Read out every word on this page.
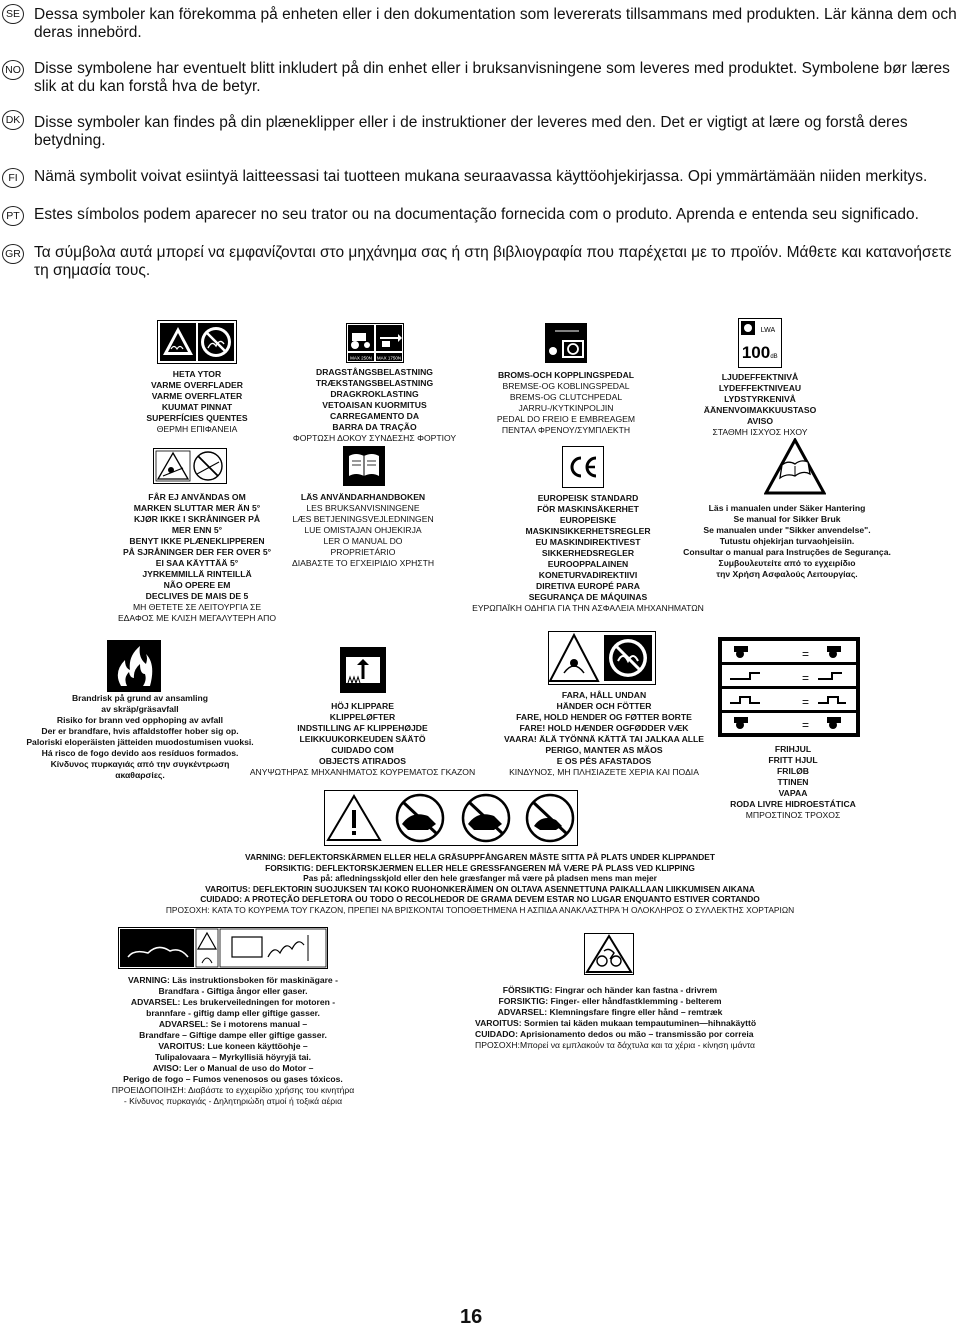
SE Dessa symboler kan förekomma på enheten eller i den dokumentation som levererats tillsammans med produkten. Lär känna dem och deras innebörd.
NO Disse symbolene har eventuelt blitt inkludert på din enhet eller i bruksanvisningene som leveres med produktet. Symbolene bør læres slik at du kan forstå hva de betyr.
DK Disse symboler kan findes på din plæneklipper eller i de instruktioner der leveres med den. Det er vigtigt at lære og forstå deres betydning.
FI	Nämä symbolit voivat esiintyä laitteessasi tai tuotteen mukana seuraavassa käyttöohjekirjassa. Opi ymmärtämään niiden merkitys.
PT Estes símbolos podem aparecer no seu trator ou na documentação fornecida com o produto. Aprenda e entenda seu significado.
GR Τα σύμβολα αυτά μπορεί να εμφανίζονται στο μηχάνημα σας ή στη βιβλιογραφία που παρέχεται με το προϊόν. Μάθετε και κατανοήσετε τη σημασία τους.
HETA YTOR
VARME OVERFLADER
VARME OVERFLATER
KUUMAT PINNAT
SUPERFÍCIES QUENTES
ΘΕΡΜΗ ΕΠΙΦΑΝΕΙΑ
MAX 250N MAX 1750N
DRAGSTÅNGSBELASTNING
TRÆKSTANGSBELASTNING
DRAGKROKLASTING
VETOAISAN KUORMITUS
CARREGAMENTO DA
BARRA DA TRAÇÃO
ΦΟΡΤΩΣΗ ΔΟΚΟΥ ΣΥΝΔΕΣΗΣ ΦΟΡΤΙΟΥ
BROMS-OCH KOPPLINGSPEDAL
BREMSE-OG KOBLINGSPEDAL
BREMS-OG CLUTCHPEDAL
JARRU-/KYTKINPOLJIN
PEDAL DO FREIO E EMBREAGEM
ΠΕΝΤΑΛ ΦΡΕΝΟΥ/ΣΥΜΠΛΕΚΤΗ
LWA
100 dB
LJUDEFFEKTNIVÅ
LYDEFFEKTNIVEAU
LYDSTYRKENIVÅ
ÄÄNENVOIMAKKUUSTASO
AVISO
ΣΤΑΘΜΗ ΙΣΧΥΟΣ ΗΧΟΥ
FÅR EJ ANVÄNDAS OM
MARKEN SLUTTAR MER ÄN 5°
KJØR IKKE I SKRÅNINGER PÅ
MER ENN 5°
BENYT IKKE PLÆNEKLIPPEREN
PÅ SJRÅNINGER DER FER OVER 5°
EI SAA KÄYTTÄÄ 5°
JYRKEMMILLÄ RINTEILLÄ
NÃO OPERE EM
DECLIVES DE MAIS DE 5
ΜΗ ΘΕΤΕΤΕ ΣΕ ΛΕΙΤΟΥΡΓΙΑ ΣΕ
ΕΔΑΦΟΣ ΜΕ ΚΛΙΣΗ ΜΕΓΑΛΥΤΕΡΗ ΑΠΟ
LÄS ANVÄNDARHANDBOKEN
LES BRUKSANVISNINGENE
LÆS BETJENINGSVEJLEDNINGEN
LUE OMISTAJAN OHJEKIRJA
LER O MANUAL DO
PROPRIETÁRIO
ΔΙΑΒΑΣΤΕ ΤΟ ΕΓΧΕΙΡΙΔΙΟ ΧΡΗΣΤΗ
EUROPEISK STANDARD
FÖR MASKINSÄKERHET
EUROPEISKE
MASKINSIKKERHETSREGLER
EU MASKINDIREKTIVEST
SIKKERHEDSREGLER
EUROOPPALAINEN
KONETURVADIREKTIIVI
DIRETIVA EUROPÉ PARA
SEGURANÇA DE MÁQUINAS
ΕΥΡΩΠΑΪΚΗ ΟΔΗΓΙΑ ΓΙΑ ΤΗΝ ΑΣΦΑΛΕΙΑ ΜΗΧΑΝΗΜΑΤΩΝ
Läs i manualen under Säker Hantering
Se manual for Sikker Bruk
Se manualen under "Sikker anvendelse".
Tutustu ohjekirjan turvaohjeisiin.
Consultar o manual para Instruções de Segurança.
Συμβουλευτείτε από το εγχειρίδιο
την Χρήση Ασφαλούς Λειτουργίας.
Brandrisk på grund av ansamling
av skräp/gräsavfall
Risiko for brann ved opphoping av avfall
Der er brandfare, hvis affaldstoffer hober sig op.
Paloriski eloperäisten jätteiden muodostumisen vuoksi.
Há risco de fogo devido aos resíduos formados.
Κίνδυνος πυρκαγιάς από την συγκέντρωση
ακαθαρσίες.
HÖJ KLIPPARE
KLIPPELØFTER
INDSTILLING AF KLIPPEHØJDE
LEIKKUUKORKEUDEN SÄÄTÖ
CUIDADO COM
OBJECTS ATIRADOS
ΑΝΥΨΩΤΗΡΑΣ ΜΗΧΑΝΗΜΑΤΟΣ ΚΟΥΡΕΜΑΤΟΣ ΓΚΑΖΟΝ
FARA, HÅLL UNDAN
HÄNDER OCH FÖTTER
FARE, HOLD HENDER OG FØTTER BORTE
FARE! HOLD HÆNDER OGFØDDER VÆK
VAARA! ÄLÄ TYÖNNÄ KÄTTÄ TAI JALKAA ALLE
PERIGO, MANTER AS MÃOS
E OS PÉS AFASTADOS
ΚΙΝΔΥΝΟΣ, ΜΗ ΠΛΗΣΙΑΖΕΤΕ ΧΕΡΙΑ ΚΑΙ ΠΟΔΙΑ
=
=
=
=
FRIHJUL
FRITT HJUL
FRILØB
TTINEN
VAPAA
RODA LIVRE HIDROESTÁTICA
ΜΠΡΟΣΤΙΝΟΣ ΤΡΟΧΟΣ
VARNING: DEFLEKTORSKÄRMEN ELLER HELA GRÄSUPPFÅNGAREN MÅSTE SITTA PÅ PLATS UNDER KLIPPANDET
FORSIKTIG: DEFLEKTORSKJERMEN ELLER HELE GRESSFANGEREN MÅ VÆRE PÅ PLASS VED KLIPPING
Pas på: afledningsskjold eller den hele græsfanger må være på pladsen mens man mejer
VAROITUS: DEFLEKTORIN SUOJUKSEN TAI KOKO RUOHONKERÄIMEN ON OLTAVA ASENNETTUNA PAIKALLAAN LIIKKUMISEN AIKANA
CUIDADO: A PROTEÇÃO DEFLETORA OU TODO O RECOLHEDOR DE GRAMA DEVEM ESTAR NO LUGAR ENQUANTO ESTIVER CORTANDO
ΠΡΟΣΟΧΗ: ΚΑΤΑ ΤΟ ΚΟΥΡΕΜΑ ΤΟΥ ΓΚΑΖΟΝ, ΠΡΕΠΕΙ ΝΑ ΒΡΙΣΚΟΝΤΑΙ ΤΟΠΟΘΕΤΗΜΕΝΑ Η ΑΣΠΙΔΑ ΑΝΑΚΛΑΣΤΗΡΑ Ή ΟΛΟΚΛΗΡΟΣ Ο ΣΥΛΛΕΚΤΗΣ ΧΟΡΤΑΡΙΩΝ
VARNING: Läs instruktionsboken för maskinägare -
Brandfara - Giftiga ångor eller gaser.
ADVARSEL: Les brukerveiledningen for motoren -
brannfare - giftig damp eller giftige gasser.
ADVARSEL: Se i motorens manual –
Brandfare – Giftige dampe eller giftige gasser.
VAROITUS: Lue koneen käyttöohje –
Tulipalovaara – Myrkyllisiä höyryjä tai.
AVISO: Ler o Manual de uso do Motor –
Perigo de fogo – Fumos venenosos ou gases tóxicos.
ΠΡΟΕΙΔΟΠΟΙΗΣΗ: Διαβάστε το εγχειρίδιο χρήσης του κινητήρα
- Κίνδυνος πυρκαγιάς - Δηλητηριώδη ατμοί ή τοξικά αέρια
FÖRSIKTIG: Fingrar och händer kan fastna - drivrem
FORSIKTIG: Finger- eller håndfastklemming - belterem
ADVARSEL: Klemningsfare fingre eller hånd – remtræk
VAROITUS: Sormien tai käden mukaan tempautuminen—hihnakäyttö
CUIDADO: Aprisionamento dedos ou mão – transmissão por correia
ΠΡΟΣΟΧΗ:Μπορεί να εμπλακούν τα δάχτυλα και τα χέρια - κίνηση ιμάντα
16
